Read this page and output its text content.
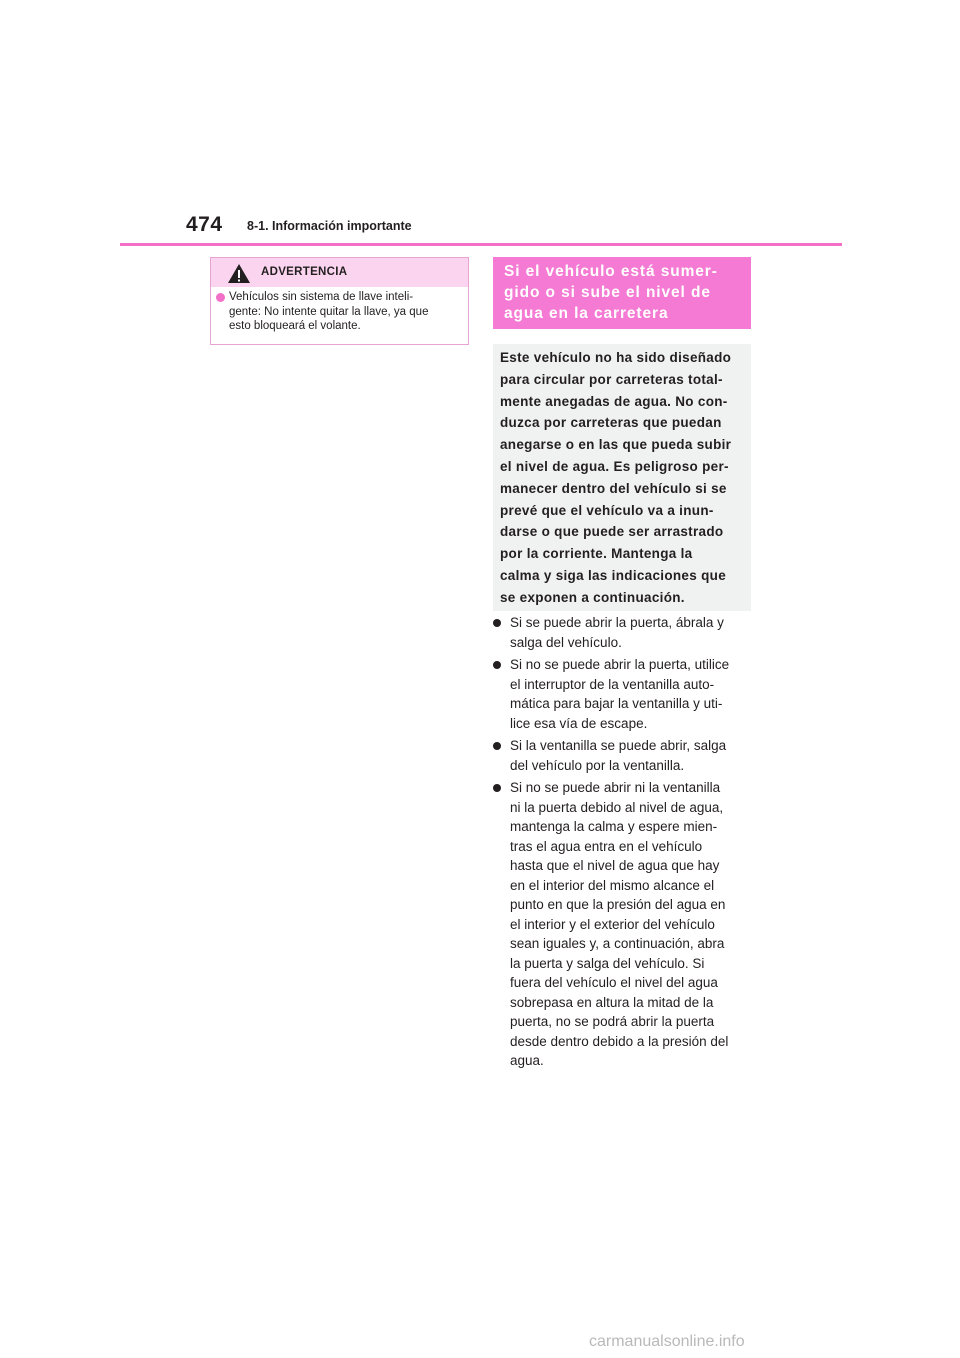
474 8-1. Información importante
ADVERTENCIA
Vehículos sin sistema de llave inteli-
gente: No intente quitar la llave, ya que
esto bloqueará el volante.
Si el vehículo está sumer-
gido o si sube el nivel de
agua en la carretera
Este vehículo no ha sido diseñado
para circular por carreteras total-
mente anegadas de agua. No con-
duzca por carreteras que puedan
anegarse o en las que pueda subir
el nivel de agua. Es peligroso per-
manecer dentro del vehículo si se
prevé que el vehículo va a inun-
darse o que puede ser arrastrado
por la corriente. Mantenga la
calma y siga las indicaciones que
se exponen a continuación.
Si se puede abrir la puerta, ábrala y
salga del vehículo.
Si no se puede abrir la puerta, utilice
el interruptor de la ventanilla auto-
mática para bajar la ventanilla y uti-
lice esa vía de escape.
Si la ventanilla se puede abrir, salga
del vehículo por la ventanilla.
Si no se puede abrir ni la ventanilla
ni la puerta debido al nivel de agua,
mantenga la calma y espere mien-
tras el agua entra en el vehículo
hasta que el nivel de agua que hay
en el interior del mismo alcance el
punto en que la presión del agua en
el interior y el exterior del vehículo
sean iguales y, a continuación, abra
la puerta y salga del vehículo. Si
fuera del vehículo el nivel del agua
sobrepasa en altura la mitad de la
puerta, no se podrá abrir la puerta
desde dentro debido a la presión del
agua.
carmanualsonline.info
